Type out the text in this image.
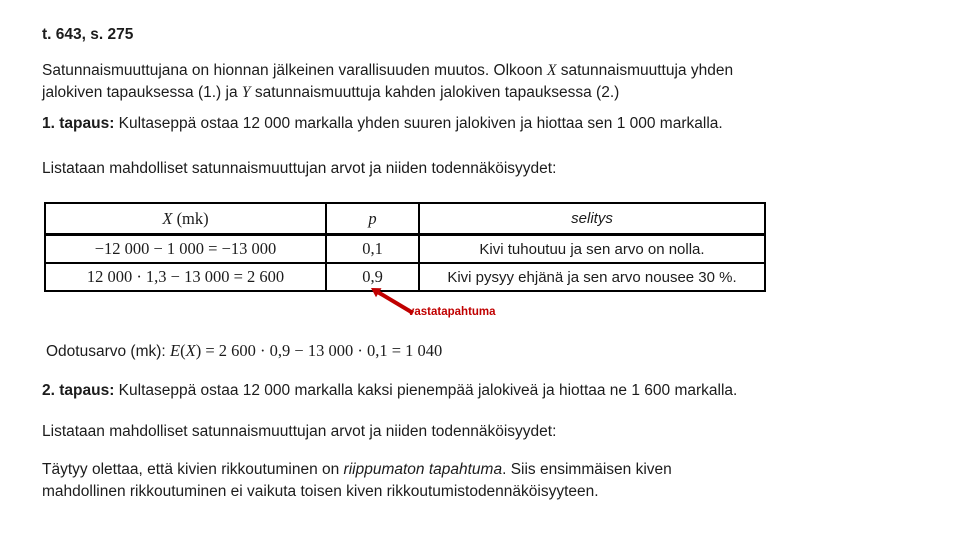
t. 643, s. 275
Satunnaismuuttujana on hionnan jälkeinen varallisuuden muutos. Olkoon X satunnaismuuttuja yhden
jalokiven tapauksessa (1.) ja Y satunnaismuuttuja kahden jalokiven tapauksessa (2.)
1. tapaus: Kultaseppä ostaa 12 000 markalla yhden suuren jalokiven ja hiottaa sen 1 000 markalla.
Listataan mahdolliset satunnaismuuttujan arvot ja niiden todennäköisyydet:
X (mk)	p	selitys
−12 000 − 1 000 = −13 000	0,1	Kivi tuhoutuu ja sen arvo on nolla.
12 000 · 1,3 − 13 000 = 2 600	0,9	Kivi pysyy ehjänä ja sen arvo nousee 30 %.
vastatapahtuma
Odotusarvo (mk): E(X) = 2 600 · 0,9 − 13 000 · 0,1 = 1 040
2. tapaus: Kultaseppä ostaa 12 000 markalla kaksi pienempää jalokiveä ja hiottaa ne 1 600 markalla.
Listataan mahdolliset satunnaismuuttujan arvot ja niiden todennäköisyydet:
Täytyy olettaa, että kivien rikkoutuminen on riippumaton tapahtuma. Siis ensimmäisen kiven
mahdollinen rikkoutuminen ei vaikuta toisen kiven rikkoutumistodennäköisyyteen.
